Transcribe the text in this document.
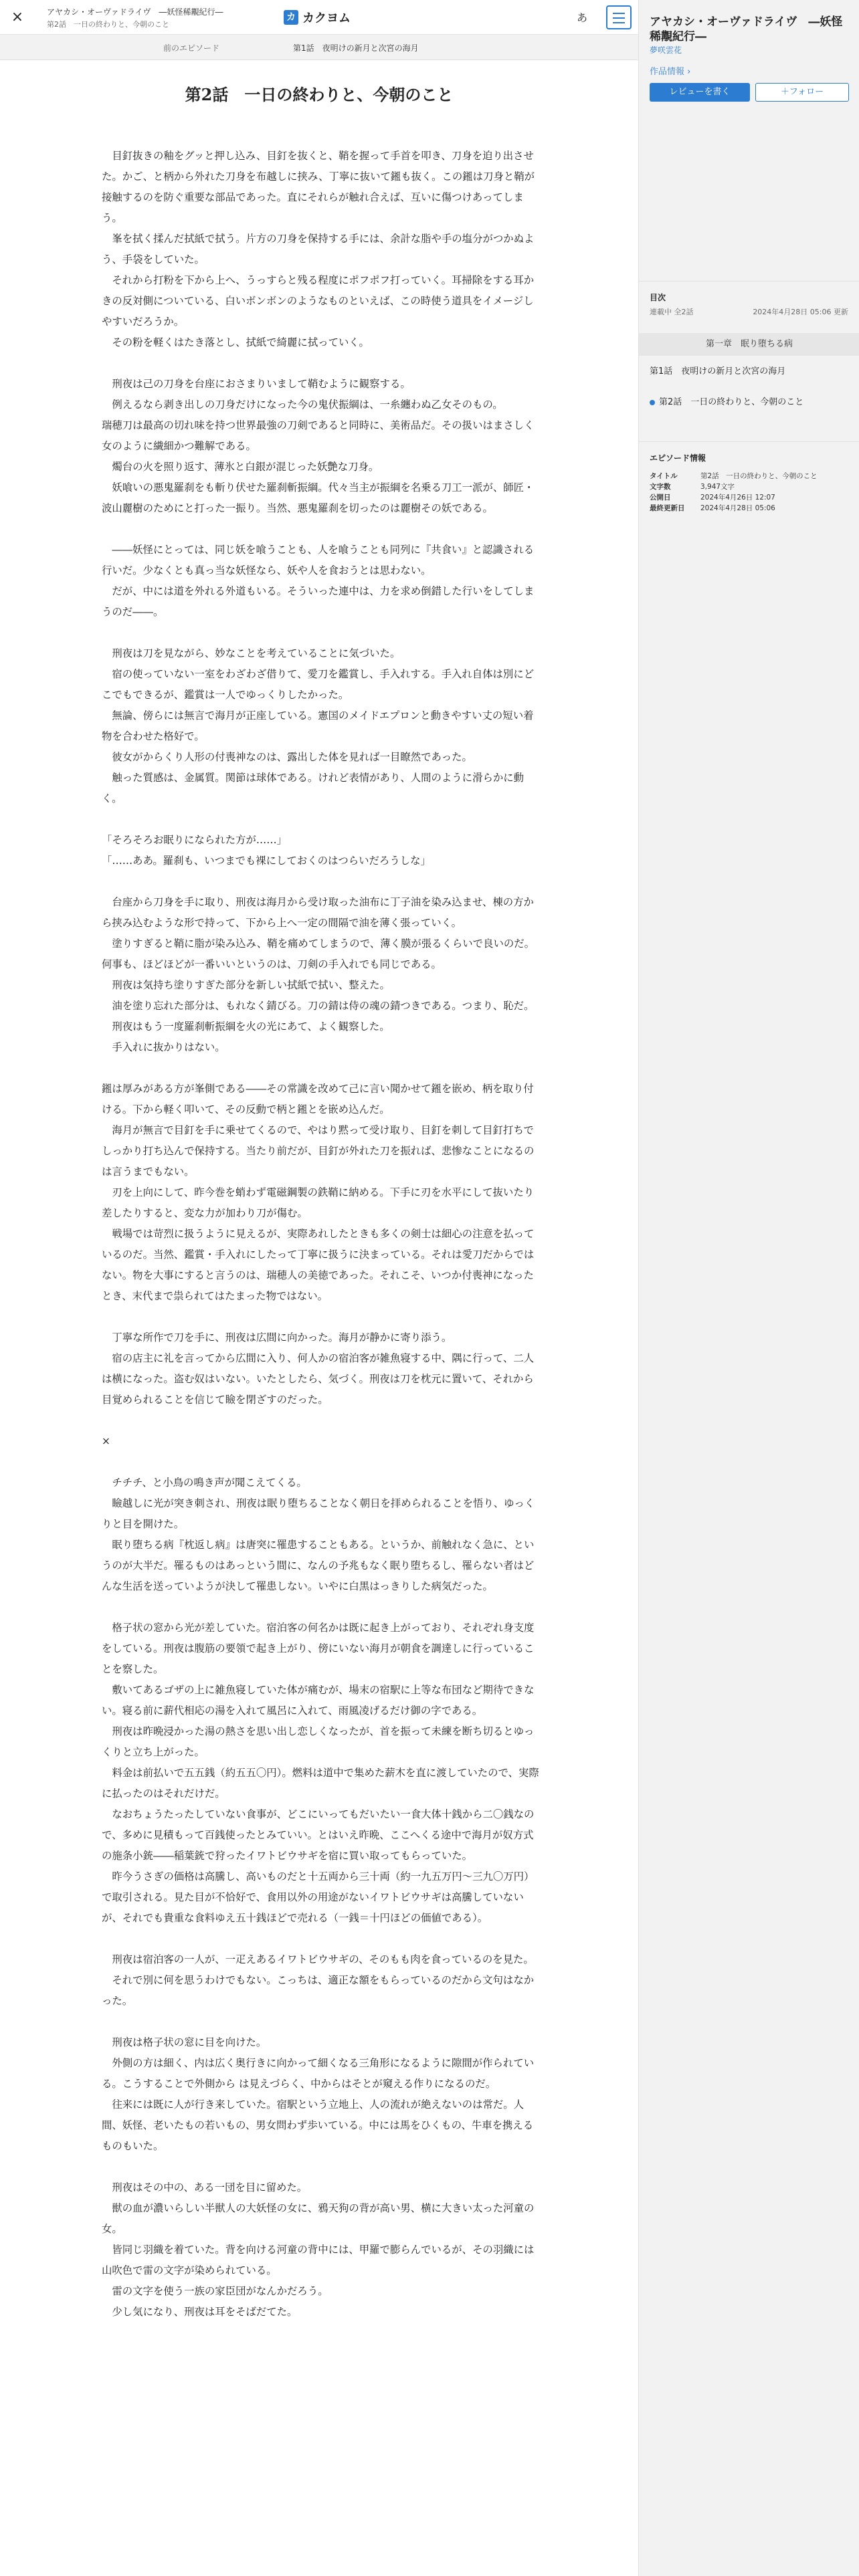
×	アヤカシ・オーヴァドライヴ　―妖怪稀覯紀行―
第2話　一日の終わりと、今朝のこと
カ カクヨム	あ
前のエピソード	第1話　夜明けの新月と次宮の海月
第2話　一日の終わりと、今朝のこと

目釘抜きの釉をグッと押し込み、目釘を抜くと、鞘を握って手首を叩き、刀身を迫り出させた。かご、と柄から外れた刀身を布越しに挟み、丁寧に抜いて鎺も抜く。この鎺は刀身と鞘が接触するのを防ぐ重要な部品であった。直にそれらが触れ合えば、互いに傷つけあってしまう。

峯を拭く揉んだ拭紙で拭う。片方の刀身を保持する手には、余計な脂や手の塩分がつかぬよう、手袋をしていた。

それから打粉を下から上へ、うっすらと残る程度にポフポフ打っていく。耳掃除をする耳かきの反対側についている、白いボンボンのようなものといえば、この時使う道具をイメージしやすいだろうか。

その粉を軽くはたき落とし、拭紙で綺麗に拭っていく。

刑夜は己の刀身を台座におさまりいまして鞘むように観察する。

例えるなら剥き出しの刀身だけになった今の鬼伏振綱は、一糸纏わぬ乙女そのもの。

瑞穂刀は最高の切れ味を持つ世界最強の刀剣であると同時に、美術品だ。その扱いはまさしく女のように繊細かつ難解である。

燭台の火を照り返す、薄氷と白銀が混じった妖艶な刀身。

妖喰いの悪鬼羅刹をも斬り伏せた羅刹斬振綱。代々当主が振綱を名乗る刀工一派が、師匠・波山麗樹のためにと打った一振り。当然、悪鬼羅刹を切ったのは麗樹その妖である。

――妖怪にとっては、同じ妖を喰うことも、人を喰うことも同列に『共食い』と認識される行いだ。少なくとも真っ当な妖怪なら、妖や人を食おうとは思わない。

だが、中には道を外れる外道もいる。そういった連中は、力を求め倒錯した行いをしてしまうのだ――。

刑夜は刀を見ながら、妙なことを考えていることに気づいた。

宿の使っていない一室をわざわざ借りて、愛刀を鑑賞し、手入れする。手入れ自体は別にどこでもできるが、鑑賞は一人でゆっくりしたかった。

無論、傍らには無言で海月が正座している。憲国のメイドエプロンと動きやすい丈の短い着物を合わせた格好で。

彼女がからくり人形の付喪神なのは、露出した体を見れば一目瞭然であった。

触った質感は、金属質。関節は球体である。けれど表情があり、人間のように滑らかに動く。

「そろそろお眠りになられた方が……」

「……ああ。羅刹も、いつまでも裸にしておくのはつらいだろうしな」

台座から刀身を手に取り、刑夜は海月から受け取った油布に丁子油を染み込ませ、棟の方から挟み込むような形で持って、下から上へ一定の間隔で油を薄く張っていく。

塗りすぎると鞘に脂が染み込み、鞘を痛めてしまうので、薄く膜が張るくらいで良いのだ。何事も、ほどほどが一番いいというのは、刀剣の手入れでも同じである。

刑夜は気持ち塗りすぎた部分を新しい拭紙で拭い、整えた。

油を塗り忘れた部分は、もれなく錆びる。刀の錆は侍の魂の錆つきである。つまり、恥だ。

刑夜はもう一度羅刹斬振綱を火の光にあて、よく観察した。

手入れに抜かりはない。

鎺は厚みがある方が峯側である――その常識を改めて己に言い聞かせて鎺を嵌め、柄を取り付ける。下から軽く叩いて、その反動で柄と鎺とを嵌め込んだ。

海月が無言で目釘を手に乗せてくるので、やはり黙って受け取り、目釘を刺して目釘打ちでしっかり打ち込んで保持する。当たり前だが、目釘が外れた刀を振れば、悲惨なことになるのは言うまでもない。

刃を上向にして、昨今巻を蛸わず電磁鋼製の鉄鞘に納める。下手に刃を水平にして抜いたり差したりすると、変な力が加わり刀が傷む。

戦場では苛烈に扱うように見えるが、実際あれしたときも多くの剣士は細心の注意を払っているのだ。当然、鑑賞・手入れにしたって丁寧に扱うに決まっている。それは愛刀だからではない。物を大事にすると言うのは、瑞穂人の美徳であった。それこそ、いつか付喪神になったとき、末代まで祟られてはたまった物ではない。

丁寧な所作で刀を手に、刑夜は広間に向かった。海月が静かに寄り添う。

宿の店主に礼を言ってから広間に入り、何人かの宿泊客が雑魚寝する中、隅に行って、二人は横になった。盗む奴はいない。いたとしたら、気づく。刑夜は刀を枕元に置いて、それから目覚められることを信じて瞼を閉ざすのだった。

×

チチチ、と小鳥の鳴き声が聞こえてくる。

瞼越しに光が突き刺され、刑夜は眠り堕ちることなく朝日を拝められることを悟り、ゆっくりと目を開けた。

眠り堕ちる病『枕返し病』は唐突に罹患することもある。というか、前触れなく急に、というのが大半だ。罹るものはあっという間に、なんの予兆もなく眠り堕ちるし、罹らない者はどんな生活を送っていようが決して罹患しない。いやに白黒はっきりした病気だった。

格子状の窓から光が差していた。宿泊客の何名かは既に起き上がっており、それぞれ身支度をしている。刑夜は腹筋の要領で起き上がり、傍にいない海月が朝食を調達しに行っていることを察した。

敷いてあるゴザの上に雑魚寝していた体が痛むが、場末の宿駅に上等な布団など期待できない。寝る前に薪代相応の湯を入れて風呂に入れて、雨風凌げるだけ御の字である。

刑夜は昨晩浸かった湯の熱さを思い出し恋しくなったが、首を振って未練を断ち切るとゆっくりと立ち上がった。

料金は前払いで五五銭（約五五〇円）。燃料は道中で集めた薪木を直に渡していたので、実際に払ったのはそれだけだ。

なおちょうたったしていない食事が、どこにいってもだいたい一食大体十銭から二〇銭なので、多めに見積もって百銭使ったとみていい。とはいえ昨晩、ここへくる途中で海月が奴方式の施条小銃――稲葉銃で狩ったイワトビウサギを宿に買い取ってもらっていた。

昨今うさぎの価格は高騰し、高いものだと十五両から三十両（約一九五万円〜三九〇万円）で取引される。見た目が不恰好で、食用以外の用途がないイワトビウサギは高騰していないが、それでも貴重な食料ゆえ五十銭ほどで売れる（一銭＝十円ほどの価値である）。

刑夜は宿泊客の一人が、一疋えあるイワトビウサギの、そのもも肉を食っているのを見た。

それで別に何を思うわけでもない。こっちは、適正な額をもらっているのだから文句はなかった。

刑夜は格子状の窓に目を向けた。

外側の方は細く、内は広く奥行きに向かって細くなる三角形になるように隙間が作られている。こうすることで外側から は見えづらく、中からはそとが窺える作りになるのだ。

往来には既に人が行き来していた。宿駅という立地上、人の流れが絶えないのは常だ。人間、妖怪、老いたもの若いもの、男女問わず歩いている。中には馬をひくもの、牛車を携えるものもいた。

刑夜はその中の、ある一団を目に留めた。

獣の血が濃いらしい半獣人の大妖怪の女に、鴉天狗の背が高い男、横に大きい太った河童の女。

皆同じ羽織を着ていた。背を向ける河童の背中には、甲羅で膨らんでいるが、その羽織には山吹色で雷の文字が染められている。

雷の文字を使う一族の家臣団がなんかだろう。

少し気になり、刑夜は耳をそばだてた。

アヤカシ・オーヴァドライヴ　―妖怪稀覯紀行―
夢咲雲花
作品情報 ›
レビューを書く	＋フォロー
目次
連載中 全2話	2024年4月28日 05:06 更新
第一章　眠り堕ちる病
第1話　夜明けの新月と次宮の海月
第2話　一日の終わりと、今朝のこと
エピソード情報
タイトル	第2話　一日の終わりと、今朝のこと
文字数	3,947文字
公開日	2024年4月26日 12:07
最終更新日	2024年4月28日 05:06
